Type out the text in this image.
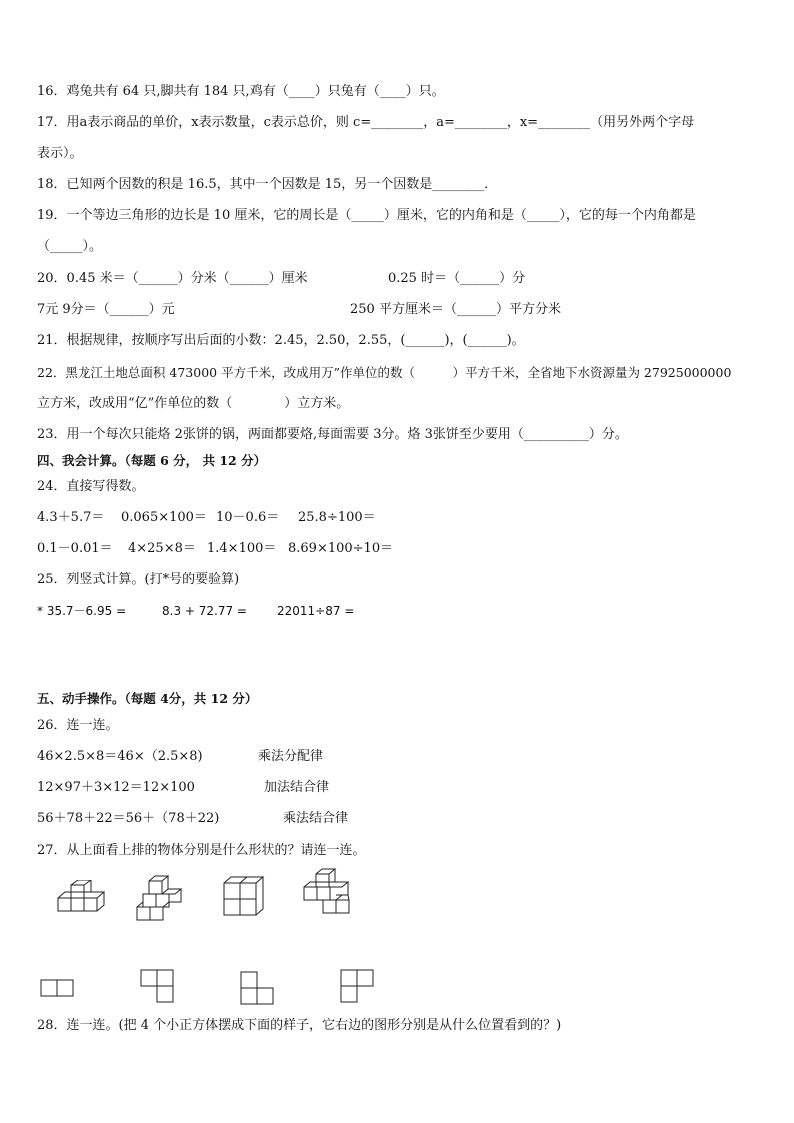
16．鸡兔共有 64 只,脚共有 184 只,鸡有（____）只兔有（____）只。
17．用a表示商品的单价，x表示数量，c表示总价，则 c=________，a=________，x=________（用另外两个字母
表示）。
18．已知两个因数的积是 16.5，其中一个因数是 15，另一个因数是________．
19．一个等边三角形的边长是 10 厘米，它的周长是（_____）厘米，它的内角和是（_____），它的每一个内角都是
（_____）。
20．0.45 米＝（______）分米（______）厘米	0.25 时＝（______）分
7元 9分＝（______）元	250 平方厘米＝（______）平方分米
21．根据规律，按顺序写出后面的小数：2.45，2.50，2.55，(______)，(______)。
22．黑龙江土地总面积 473000 平方千米，改成用万”作单位的数（　　　）平方千米，全省地下水资源量为 27925000000
立方米，改成用“亿”作单位的数（　　　　）立方米。
23．用一个每次只能烙 2张饼的锅，两面都要烙,每面需要 3分。烙 3张饼至少要用（__________）分。
四、我会计算。（每题 6 分， 共 12 分）
24．直接写得数。
4.3＋5.7＝ 0.065×100＝ 10－0.6＝ 25.8÷100＝
0.1－0.01＝ 4×25×8＝ 1.4×100＝ 8.69×100÷10＝
25．列竖式计算。(打*号的要验算)
* 35.7－6.95 =	8.3 + 72.77 =	22011÷87 =
五、动手操作。（每题 4分，共 12 分）
26．连一连。
46×2.5×8＝46×（2.5×8)	乘法分配律
12×97＋3×12＝12×100	加法结合律
56＋78＋22＝56＋（78＋22)	乘法结合律
27．从上面看上排的物体分别是什么形状的？请连一连。
28．连一连。(把 4 个小正方体摆成下面的样子，它右边的图形分别是从什么位置看到的？)
